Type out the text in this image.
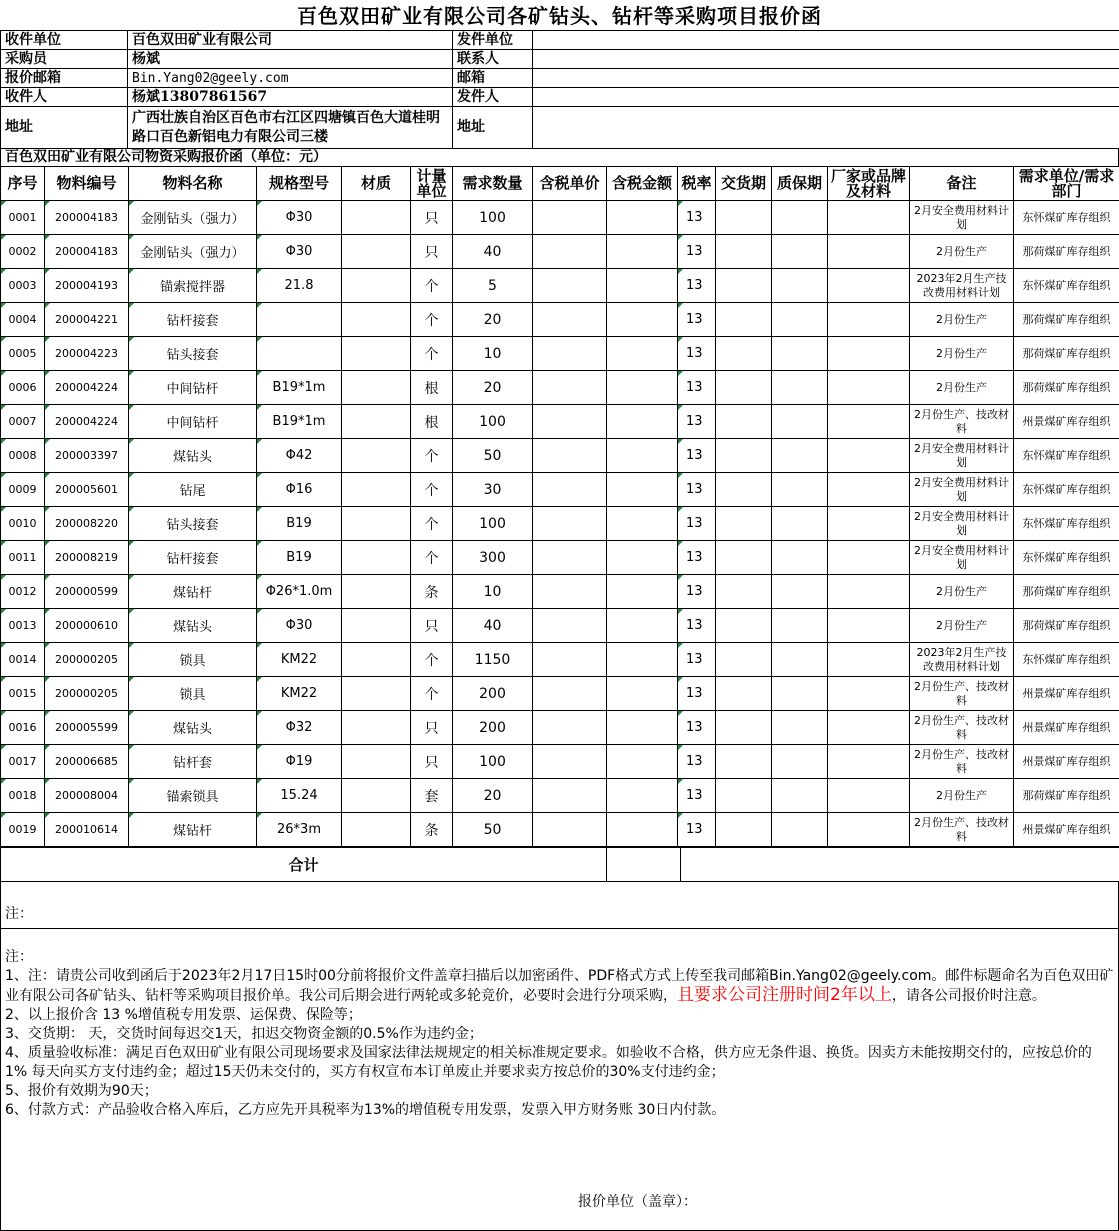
百色双田矿业有限公司各矿钻头、钻杆等采购项目报价函
收件单位	百色双田矿业有限公司	发件单位	
采购员	杨斌	联系人	
报价邮箱	Bin.Yang02@geely.com	邮箱	
收件人	杨斌13807861567	发件人	
地址	广西壮族自治区百色市右江区四塘镇百色大道桂明路口百色新铝电力有限公司三楼	地址	
百色双田矿业有限公司物资采购报价函（单位：元）
序号	物料编号	物料名称	规格型号	材质	计量单位	需求数量	含税单价	含税金额	税率	交货期	质保期	厂家或品牌及材料	备注	需求单位/需求部门
0001	200004183	金刚钻头（强力）	Φ30		只	100			13				2月安全费用材料计划	东怀煤矿库存组织
0002	200004183	金刚钻头（强力）	Φ30		只	40			13				2月份生产	那荷煤矿库存组织
0003	200004193	锚索搅拌器	21.8		个	5			13				2023年2月生产技改费用材料计划	东怀煤矿库存组织
0004	200004221	钻杆接套			个	20			13				2月份生产	那荷煤矿库存组织
0005	200004223	钻头接套			个	10			13				2月份生产	那荷煤矿库存组织
0006	200004224	中间钻杆	B19*1m		根	20			13				2月份生产	那荷煤矿库存组织
0007	200004224	中间钻杆	B19*1m		根	100			13				2月份生产、技改材料	州景煤矿库存组织
0008	200003397	煤钻头	Φ42		个	50			13				2月安全费用材料计划	东怀煤矿库存组织
0009	200005601	钻尾	Φ16		个	30			13				2月安全费用材料计划	东怀煤矿库存组织
0010	200008220	钻头接套	B19		个	100			13				2月安全费用材料计划	东怀煤矿库存组织
0011	200008219	钻杆接套	B19		个	300			13				2月安全费用材料计划	东怀煤矿库存组织
0012	200000599	煤钻杆	Φ26*1.0m		条	10			13				2月份生产	那荷煤矿库存组织
0013	200000610	煤钻头	Φ30		只	40			13				2月份生产	那荷煤矿库存组织
0014	200000205	锁具	KM22		个	1150			13				2023年2月生产技改费用材料计划	东怀煤矿库存组织
0015	200000205	锁具	KM22		个	200			13				2月份生产、技改材料	州景煤矿库存组织
0016	200005599	煤钻头	Φ32		只	200			13				2月份生产、技改材料	州景煤矿库存组织
0017	200006685	钻杆套	Φ19		只	100			13				2月份生产、技改材料	州景煤矿库存组织
0018	200008004	锚索锁具	15.24		套	20			13				2月份生产	那荷煤矿库存组织
0019	200010614	煤钻杆	26*3m		条	50			13				2月份生产、技改材料	州景煤矿库存组织
合计		
注：

注：

1、注：请贵公司收到函后于2023年2月17日15时00分前将报价文件盖章扫描后以加密函件、PDF格式方式上传至我司邮箱Bin.Yang02@geely.com。邮件标题命名为百色双田矿业有限公司各矿钻头、钻杆等采购项目报价单。我公司后期会进行两轮或多轮竞价，必要时会进行分项采购，且要求公司注册时间2年以上，请各公司报价时注意。

2、以上报价含 13 %增值税专用发票、运保费、保险等；

3、交货期： 天，交货时间每迟交1天，扣迟交物资金额的0.5%作为违约金；

4、质量验收标准：满足百色双田矿业有限公司现场要求及国家法律法规规定的相关标准规定要求。如验收不合格，供方应无条件退、换货。因卖方未能按期交付的，应按总价的1% 每天向买方支付违约金；超过15天仍未交付的，买方有权宣布本订单废止并要求卖方按总价的30%支付违约金；

5、报价有效期为90天；

6、付款方式：产品验收合格入库后，乙方应先开具税率为13%的增值税专用发票，发票入甲方财务账 30日内付款。

报价单位（盖章）：
